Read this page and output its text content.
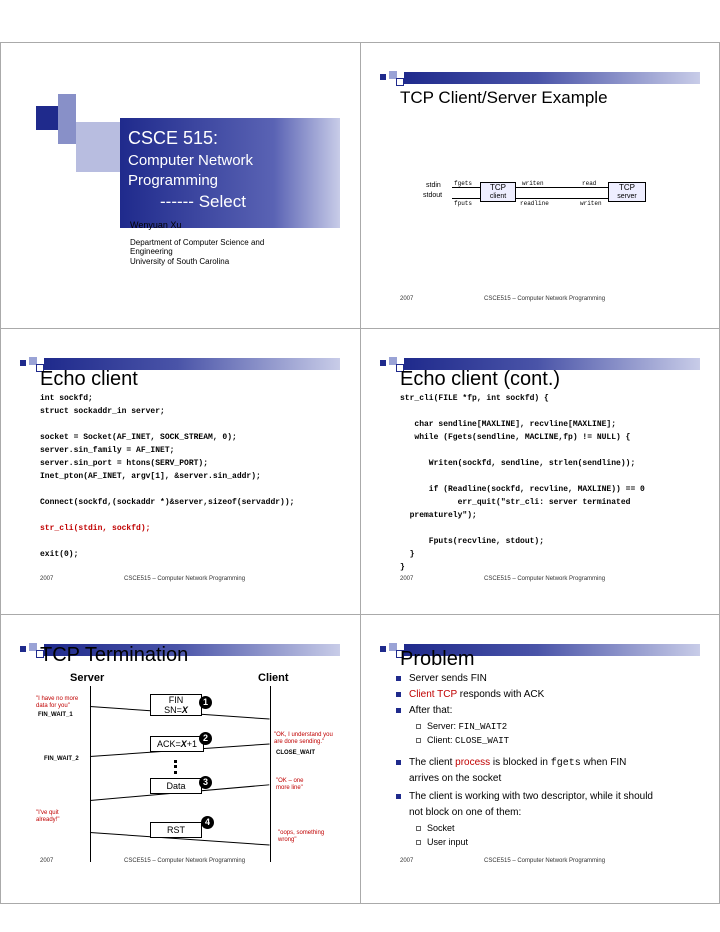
CSCE 515:
Computer Network
Programming
------ Select
Wenyuan Xu
Department of Computer Science and
Engineering
University of South Carolina
TCP Client/Server Example
stdin
stdout
fgets
fputs
TCP
client
writen	read
readline	writen
TCP
server
2007	CSCE515 – Computer Network Programming
Echo client
int sockfd;
struct sockaddr_in server;
socket = Socket(AF_INET, SOCK_STREAM, 0);
server.sin_family = AF_INET;
server.sin_port = htons(SERV_PORT);
Inet_pton(AF_INET, argv[1], &server.sin_addr);
Connect(sockfd,(sockaddr *)&server,sizeof(servaddr));
str_cli(stdin, sockfd);
exit(0);
2007	CSCE515 – Computer Network Programming
Echo client (cont.)
str_cli(FILE *fp, int sockfd) {
char sendline[MAXLINE], recvline[MAXLINE];
while (Fgets(sendline, MACLINE,fp) != NULL) {
Writen(sockfd, sendline, strlen(sendline));
if (Readline(sockfd, recvline, MAXLINE)) == 0
err_quit("str_cli: server terminated
prematurely");
Fputs(recvline, stdout);
}
}
2007	CSCE515 – Computer Network Programming
TCP Termination
Server	Client
"I have no more data for you"
FIN_WAIT_1
FIN
SN=X
1
"OK, I understand you are done sending."
CLOSE_WAIT
ACK=X+1
2
FIN_WAIT_2
"OK – one more line"
Data	3
"I've quit already!"
RST
4
"oops, something wrong"
2007	CSCE515 – Computer Network Programming
Problem
Server sends FIN
Client TCP responds with ACK
After that:
Server: FIN_WAIT2
Client: CLOSE_WAIT
The client process is blocked in fgets when FIN
arrives on the socket
The client is working with two descriptor, while it should
not block on one of them:
Socket
User input
2007	CSCE515 – Computer Network Programming
